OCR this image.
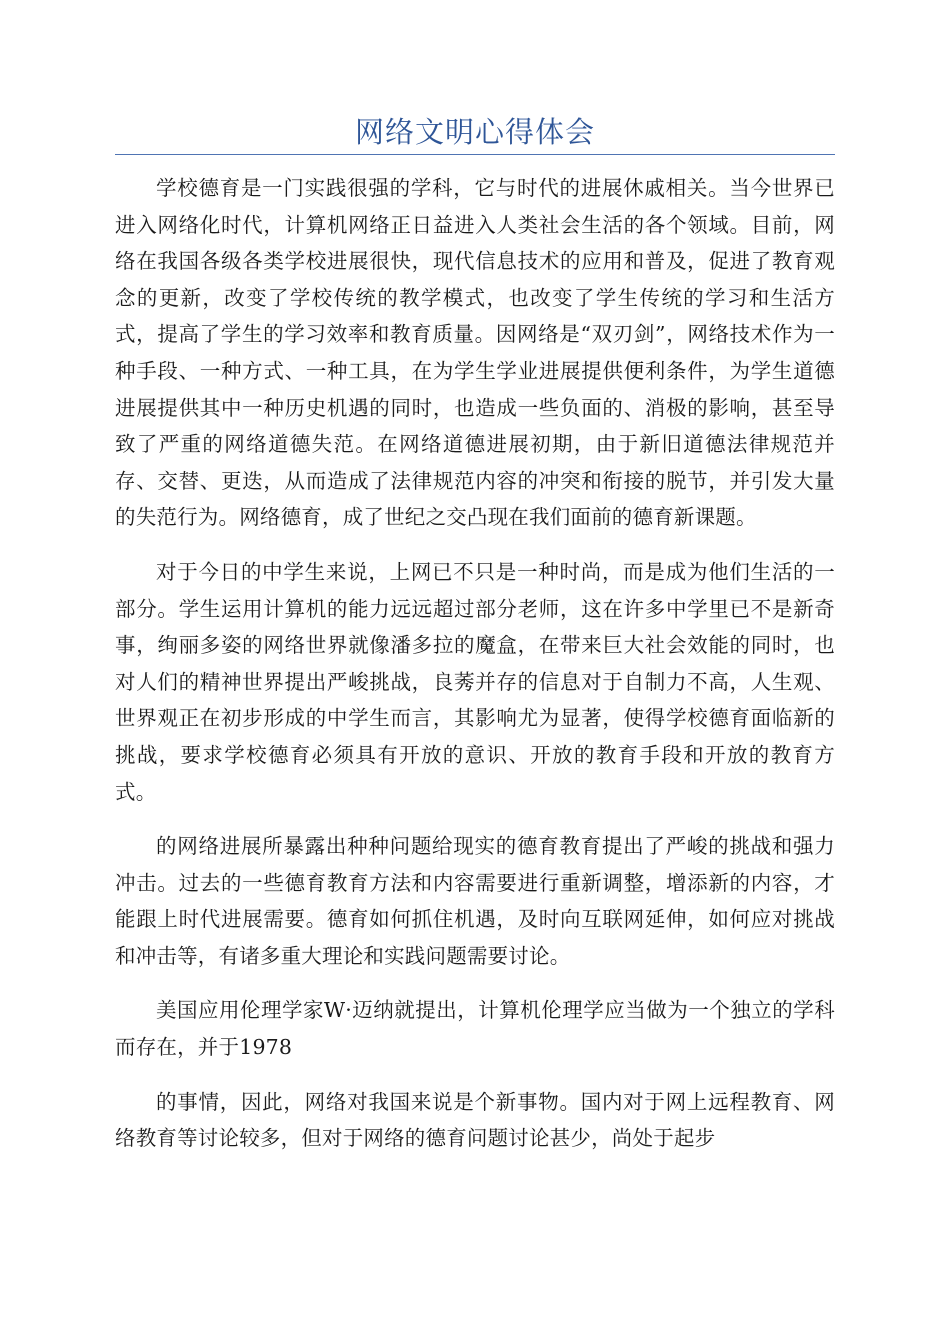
网络文明心得体会

学校德育是一门实践很强的学科，它与时代的进展休戚相关。当今世界已进入网络化时代，计算机网络正日益进入人类社会生活的各个领域。目前，网络在我国各级各类学校进展很快，现代信息技术的应用和普及，促进了教育观念的更新，改变了学校传统的教学模式，也改变了学生传统的学习和生活方式，提高了学生的学习效率和教育质量。因网络是“双刃剑”，网络技术作为一种手段、一种方式、一种工具，在为学生学业进展提供便利条件，为学生道德进展提供其中一种历史机遇的同时，也造成一些负面的、消极的影响，甚至导致了严重的网络道德失范。在网络道德进展初期，由于新旧道德法律规范并存、交替、更迭，从而造成了法律规范内容的冲突和衔接的脱节，并引发大量的失范行为。网络德育，成了世纪之交凸现在我们面前的德育新课题。

对于今日的中学生来说，上网已不只是一种时尚，而是成为他们生活的一部分。学生运用计算机的能力远远超过部分老师，这在许多中学里已不是新奇事，绚丽多姿的网络世界就像潘多拉的魔盒，在带来巨大社会效能的同时，也对人们的精神世界提出严峻挑战，良莠并存的信息对于自制力不高，人生观、世界观正在初步形成的中学生而言，其影响尤为显著，使得学校德育面临新的挑战，要求学校德育必须具有开放的意识、开放的教育手段和开放的教育方式。

的网络进展所暴露出种种问题给现实的德育教育提出了严峻的挑战和强力冲击。过去的一些德育教育方法和内容需要进行重新调整，增添新的内容，才能跟上时代进展需要。德育如何抓住机遇，及时向互联网延伸，如何应对挑战和冲击等，有诸多重大理论和实践问题需要讨论。

美国应用伦理学家W·迈纳就提出，计算机伦理学应当做为一个独立的学科而存在，并于1978

的事情，因此，网络对我国来说是个新事物。国内对于网上远程教育、网络教育等讨论较多，但对于网络的德育问题讨论甚少，尚处于起步
